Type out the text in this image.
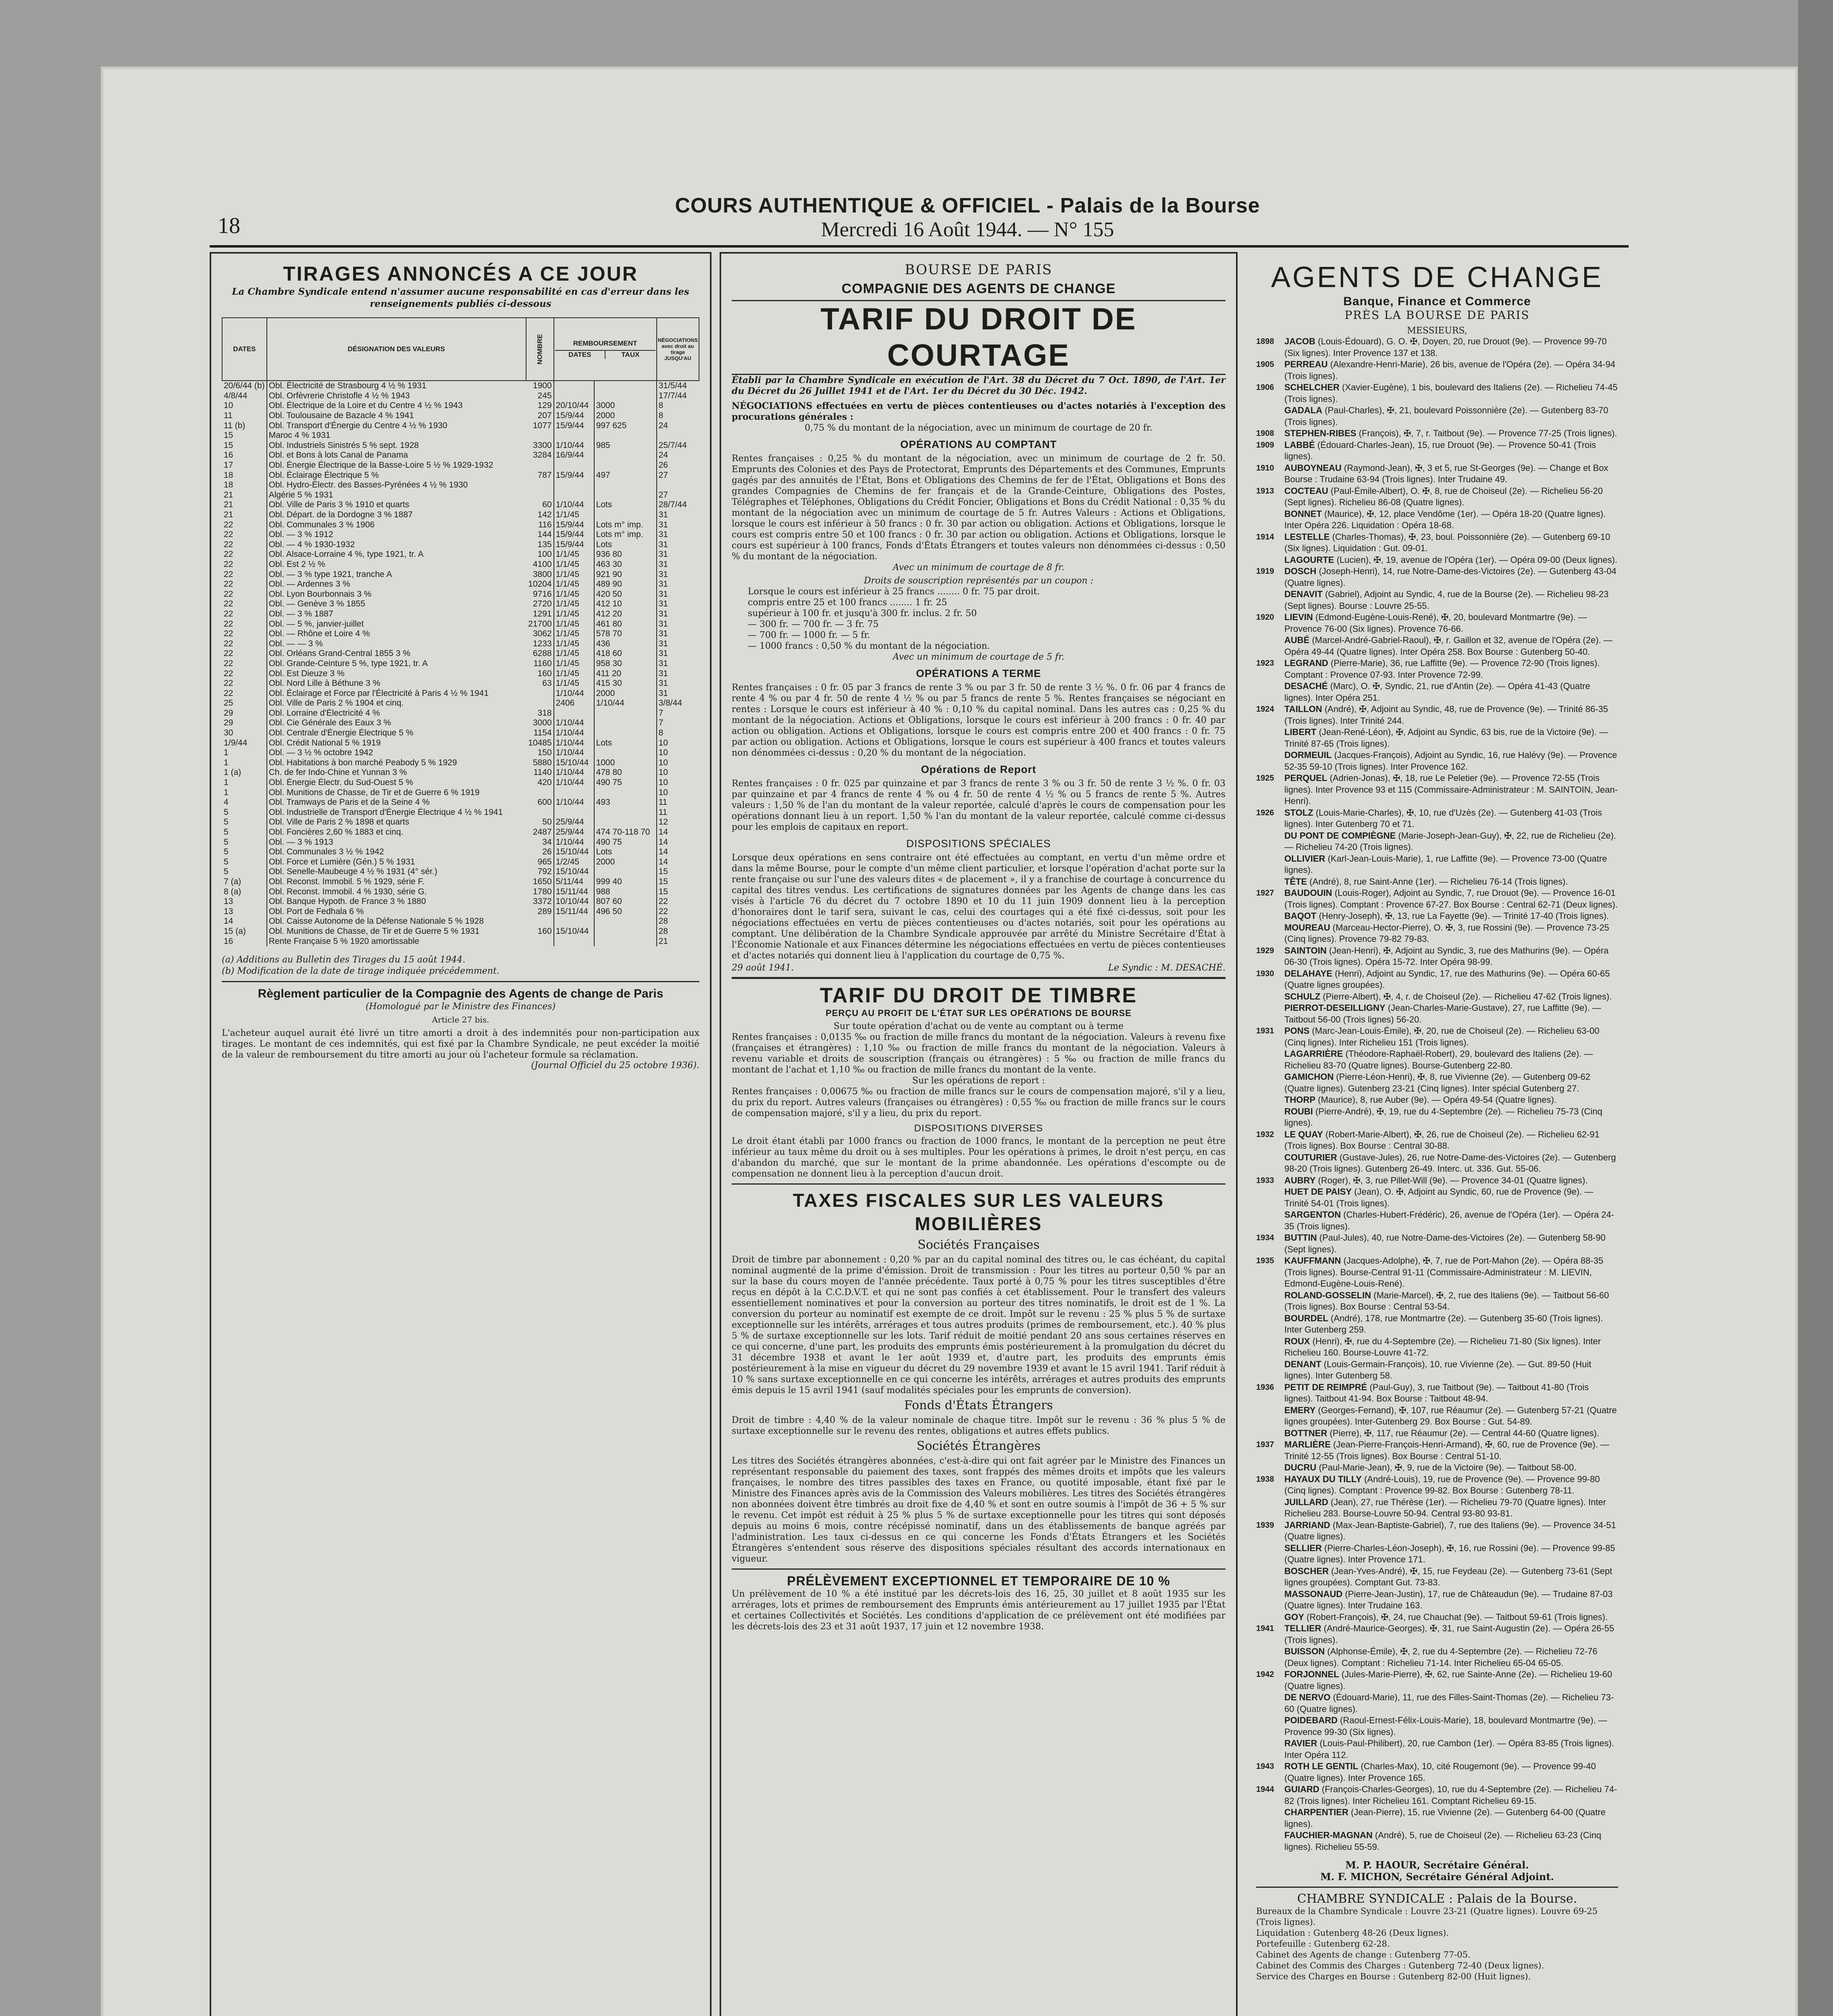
COURS AUTHENTIQUE & OFFICIEL - Palais de la Bourse
Mercredi 16 Août 1944. — N° 155
18
TIRAGES ANNONCÉS A CE JOUR
La Chambre Syndicale entend n'assumer aucune responsabilité en cas d'erreur dans les renseignements publiés ci-dessous
DATES	DÉSIGNATION DES VALEURS	NOMBRE	REMBOURSEMENT
DATES TAUX		NÉGOCIATIONS avec droit au tirage JUSQU'AU
20/6/44 (b)	Obl. Électricité de Strasbourg 4 ½ % 1931	1900			31/5/44
4/8/44	Obl. Orfèvrerie Christofle 4 ½ % 1943	245			17/7/44
10	Obl. Électrique de la Loire et du Centre 4 ½ % 1943	129	20/10/44	3000	8
11	Obl. Toulousaine de Bazacle 4 % 1941	207	15/9/44	2000	8
11 (b)	Obl. Transport d'Énergie du Centre 4 ½ % 1930	1077	15/9/44	997 625	24
15	Maroc 4 % 1931				
15	Obl. Industriels Sinistrés 5 % sept. 1928	3300	1/10/44	985	25/7/44
16	Obl. et Bons à lots Canal de Panama	3284	16/9/44		24
17	Obl. Énergie Électrique de la Basse-Loire 5 ½ % 1929-1932				26
18	Obl. Éclairage Électrique 5 %	787	15/9/44	497	27
18	Obl. Hydro-Électr. des Basses-Pyrénées 4 ½ % 1930				
21	Algérie 5 % 1931				27
21	Obl. Ville de Paris 3 % 1910 et quarts	60	1/10/44	Lots	28/7/44
21	Obl. Départ. de la Dordogne 3 % 1887	142	1/1/45		31
22	Obl. Communales 3 % 1906	116	15/9/44	Lots m° imp.	31
22	Obl. — 3 % 1912	144	15/9/44	Lots m° imp.	31
22	Obl. — 4 % 1930-1932	135	15/9/44	Lots	31
22	Obl. Alsace-Lorraine 4 %, type 1921, tr. A	100	1/1/45	936 80	31
22	Obl. Est 2 ½ %	4100	1/1/45	463 30	31
22	Obl. — 3 % type 1921, tranche A	3800	1/1/45	921 90	31
22	Obl. — Ardennes 3 %	10204	1/1/45	489 90	31
22	Obl. Lyon Bourbonnais 3 %	9716	1/1/45	420 50	31
22	Obl. — Genève 3 % 1855	2720	1/1/45	412 10	31
22	Obl. — 3 % 1887	1291	1/1/45	412 20	31
22	Obl. — 5 %, janvier-juillet	21700	1/1/45	461 80	31
22	Obl. — Rhône et Loire 4 %	3062	1/1/45	578 70	31
22	Obl. — — 3 %	1233	1/1/45	436	31
22	Obl. Orléans Grand-Central 1855 3 %	6288	1/1/45	418 60	31
22	Obl. Grande-Ceinture 5 %, type 1921, tr. A	1160	1/1/45	958 30	31
22	Obl. Est Dieuze 3 %	160	1/1/45	411 20	31
22	Obl. Nord Lille à Béthune 3 %	63	1/1/45	415 30	31
22	Obl. Éclairage et Force par l'Électricité à Paris 4 ½ % 1941		1/10/44	2000	31
25	Obl. Ville de Paris 2 % 1904 et cinq.		2406	1/10/44	3/8/44
29	Obl. Lorraine d'Électricité 4 %	318			7
29	Obl. Cie Générale des Eaux 3 %	3000	1/10/44		7
30	Obl. Centrale d'Énergie Électrique 5 %	1154	1/10/44		8
1/9/44	Obl. Crédit National 5 % 1919	10485	1/10/44	Lots	10
1	Obl. — 3 ½ % octobre 1942	150	1/10/44		10
1	Obl. Habitations à bon marché Peabody 5 % 1929	5880	15/10/44	1000	10
1 (a)	Ch. de fer Indo-Chine et Yunnan 3 %	1140	1/10/44	478 80	10
1	Obl. Énergie Électr. du Sud-Ouest 5 %	420	1/10/44	490 75	10
1	Obl. Munitions de Chasse, de Tir et de Guerre 6 % 1919				10
4	Obl. Tramways de Paris et de la Seine 4 %	600	1/10/44	493	11
5	Obl. Industrielle de Transport d'Énergie Électrique 4 ½ % 1941				11
5	Obl. Ville de Paris 2 % 1898 et quarts	50	25/9/44		12
5	Obl. Foncières 2,60 % 1883 et cinq.	2487	25/9/44	474 70-118 70	14
5	Obl. — 3 % 1913	34	1/10/44	490 75	14
5	Obl. Communales 3 ½ % 1942	26	15/10/44	Lots	14
5	Obl. Force et Lumière (Gén.) 5 % 1931	965	1/2/45	2000	14
5	Obl. Senelle-Maubeuge 4 ½ % 1931 (4° sér.)	792	15/10/44		15
7 (a)	Obl. Reconst. Immobil. 5 % 1929, série F.	1650	5/11/44	999 40	15
8 (a)	Obl. Reconst. Immobil. 4 % 1930, série G.	1780	15/11/44	988	15
13	Obl. Banque Hypoth. de France 3 % 1880	3372	10/10/44	807 60	22
13	Obl. Port de Fedhala 6 %	289	15/11/44	496 50	22
14	Obl. Caisse Autonome de la Défense Nationale 5 % 1928				28
15 (a)	Obl. Munitions de Chasse, de Tir et de Guerre 5 % 1931	160	15/10/44		28
16	Rente Française 5 % 1920 amortissable				21
(a) Additions au Bulletin des Tirages du 15 août 1944.
(b) Modification de la date de tirage indiquée précédemment.
Règlement particulier de la Compagnie des Agents de change de Paris
(Homologué par le Ministre des Finances)
Article 27 bis.
L'acheteur auquel aurait été livré un titre amorti a droit à des indemnités pour non-participation aux tirages. Le montant de ces indemnités, qui est fixé par la Chambre Syndicale, ne peut excéder la moitié de la valeur de remboursement du titre amorti au jour où l'acheteur formule sa réclamation.
(Journal Officiel du 25 octobre 1936).
BOURSE DE PARIS
COMPAGNIE DES AGENTS DE CHANGE
TARIF DU DROIT DE COURTAGE
Établi par la Chambre Syndicale en exécution de l'Art. 38 du Décret du 7 Oct. 1890, de l'Art. 1er du Décret du 26 Juillet 1941 et de l'Art. 1er du Décret du 30 Déc. 1942.
NÉGOCIATIONS effectuées en vertu de pièces contentieuses ou d'actes notariés à l'exception des procurations générales :
0,75 % du montant de la négociation, avec un minimum de courtage de 20 fr.
OPÉRATIONS AU COMPTANT
Rentes françaises : 0,25 % du montant de la négociation, avec un minimum de courtage de 2 fr. 50. Emprunts des Colonies et des Pays de Protectorat, Emprunts des Départements et des Communes, Emprunts gagés par des annuités de l'État, Bons et Obligations des Chemins de fer de l'État, Obligations et Bons des grandes Compagnies de Chemins de fer français et de la Grande-Ceinture, Obligations des Postes, Télégraphes et Téléphones, Obligations du Crédit Foncier, Obligations et Bons du Crédit National : 0,35 % du montant de la négociation avec un minimum de courtage de 5 fr. Autres Valeurs : Actions et Obligations, lorsque le cours est inférieur à 50 francs : 0 fr. 30 par action ou obligation. Actions et Obligations, lorsque le cours est compris entre 50 et 100 francs : 0 fr. 30 par action ou obligation. Actions et Obligations, lorsque le cours est supérieur à 100 francs, Fonds d'États Étrangers et toutes valeurs non dénommées ci-dessus : 0,50 % du montant de la négociation.
Avec un minimum de courtage de 8 fr.
Droits de souscription représentés par un coupon :
Lorsque le cours est inférieur à 25 francs ........ 0 fr. 75 par droit.
compris entre 25 et 100 francs ........ 1 fr. 25
supérieur à 100 fr. et jusqu'à 300 fr. inclus. 2 fr. 50
— 300 fr. — 700 fr. — 3 fr. 75
— 700 fr. — 1000 fr. — 5 fr.
— 1000 francs : 0,50 % du montant de la négociation.
Avec un minimum de courtage de 5 fr.
OPÉRATIONS A TERME
Rentes françaises : 0 fr. 05 par 3 francs de rente 3 % ou par 3 fr. 50 de rente 3 ½ %. 0 fr. 06 par 4 francs de rente 4 % ou par 4 fr. 50 de rente 4 ½ % ou par 5 francs de rente 5 %. Rentes françaises se négociant en rentes : Lorsque le cours est inférieur à 40 % : 0,10 % du capital nominal. Dans les autres cas : 0,25 % du montant de la négociation. Actions et Obligations, lorsque le cours est inférieur à 200 francs : 0 fr. 40 par action ou obligation. Actions et Obligations, lorsque le cours est compris entre 200 et 400 francs : 0 fr. 75 par action ou obligation. Actions et Obligations, lorsque le cours est supérieur à 400 francs et toutes valeurs non dénommées ci-dessus : 0,20 % du montant de la négociation.
Opérations de Report
Rentes françaises : 0 fr. 025 par quinzaine et par 3 francs de rente 3 % ou 3 fr. 50 de rente 3 ½ %. 0 fr. 03 par quinzaine et par 4 francs de rente 4 % ou 4 fr. 50 de rente 4 ½ % ou 5 francs de rente 5 %. Autres valeurs : 1,50 % de l'an du montant de la valeur reportée, calculé d'après le cours de compensation pour les opérations donnant lieu à un report. 1,50 % l'an du montant de la valeur reportée, calculé comme ci-dessus pour les emplois de capitaux en report.
DISPOSITIONS SPÉCIALES
Lorsque deux opérations en sens contraire ont été effectuées au comptant, en vertu d'un même ordre et dans la même Bourse, pour le compte d'un même client particulier, et lorsque l'opération d'achat porte sur la rente française ou sur l'une des valeurs dites « de placement », il y a franchise de courtage à concurrence du capital des titres vendus. Les certifications de signatures données par les Agents de change dans les cas visés à l'article 76 du décret du 7 octobre 1890 et 10 du 11 juin 1909 donnent lieu à la perception d'honoraires dont le tarif sera, suivant le cas, celui des courtages qui a été fixé ci-dessus, soit pour les négociations effectuées en vertu de pièces contentieuses ou d'actes notariés, soit pour les opérations au comptant. Une délibération de la Chambre Syndicale approuvée par arrêté du Ministre Secrétaire d'État à l'Économie Nationale et aux Finances détermine les négociations effectuées en vertu de pièces contentieuses et d'actes notariés qui donnent lieu à l'application du courtage de 0,75 %.
29 août 1941.	Le Syndic : M. DESACHÉ.
TARIF DU DROIT DE TIMBRE
PERÇU AU PROFIT DE L'ÉTAT SUR LES OPÉRATIONS DE BOURSE
Sur toute opération d'achat ou de vente au comptant ou à terme
Rentes françaises : 0,0135 ‰ ou fraction de mille francs du montant de la négociation. Valeurs à revenu fixe (françaises et étrangères) : 1,10 ‰ ou fraction de mille francs du montant de la négociation. Valeurs à revenu variable et droits de souscription (français ou étrangères) : 5 ‰ ou fraction de mille francs du montant de l'achat et 1,10 ‰ ou fraction de mille francs du montant de la vente.
Sur les opérations de report :
Rentes françaises : 0,00675 ‰ ou fraction de mille francs sur le cours de compensation majoré, s'il y a lieu, du prix du report. Autres valeurs (françaises ou étrangères) : 0,55 ‰ ou fraction de mille francs sur le cours de compensation majoré, s'il y a lieu, du prix du report.
DISPOSITIONS DIVERSES
Le droit étant établi par 1000 francs ou fraction de 1000 francs, le montant de la perception ne peut être inférieur au taux même du droit ou à ses multiples. Pour les opérations à primes, le droit n'est perçu, en cas d'abandon du marché, que sur le montant de la prime abandonnée. Les opérations d'escompte ou de compensation ne donnent lieu à la perception d'aucun droit.
TAXES FISCALES SUR LES VALEURS MOBILIÈRES
Sociétés Françaises
Droit de timbre par abonnement : 0,20 % par an du capital nominal des titres ou, le cas échéant, du capital nominal augmenté de la prime d'émission. Droit de transmission : Pour les titres au porteur 0,50 % par an sur la base du cours moyen de l'année précédente. Taux porté à 0,75 % pour les titres susceptibles d'être reçus en dépôt à la C.C.D.V.T. et qui ne sont pas confiés à cet établissement. Pour le transfert des valeurs essentiellement nominatives et pour la conversion au porteur des titres nominatifs, le droit est de 1 %. La conversion du porteur au nominatif est exempte de ce droit. Impôt sur le revenu : 25 % plus 5 % de surtaxe exceptionnelle sur les intérêts, arrérages et tous autres produits (primes de remboursement, etc.). 40 % plus 5 % de surtaxe exceptionnelle sur les lots. Tarif réduit de moitié pendant 20 ans sous certaines réserves en ce qui concerne, d'une part, les produits des emprunts émis postérieurement à la promulgation du décret du 31 décembre 1938 et avant le 1er août 1939 et, d'autre part, les produits des emprunts émis postérieurement à la mise en vigueur du décret du 29 novembre 1939 et avant le 15 avril 1941. Tarif réduit à 10 % sans surtaxe exceptionnelle en ce qui concerne les intérêts, arrérages et autres produits des emprunts émis depuis le 15 avril 1941 (sauf modalités spéciales pour les emprunts de conversion).
Fonds d'États Étrangers
Droit de timbre : 4,40 % de la valeur nominale de chaque titre. Impôt sur le revenu : 36 % plus 5 % de surtaxe exceptionnelle sur le revenu des rentes, obligations et autres effets publics.
Sociétés Étrangères
Les titres des Sociétés étrangères abonnées, c'est-à-dire qui ont fait agréer par le Ministre des Finances un représentant responsable du paiement des taxes, sont frappés des mêmes droits et impôts que les valeurs françaises, le nombre des titres passibles des taxes en France, ou quotité imposable, étant fixé par le Ministre des Finances après avis de la Commission des Valeurs mobilières. Les titres des Sociétés étrangères non abonnées doivent être timbrés au droit fixe de 4,40 % et sont en outre soumis à l'impôt de 36 + 5 % sur le revenu. Cet impôt est réduit à 25 % plus 5 % de surtaxe exceptionnelle pour les titres qui sont déposés depuis au moins 6 mois, contre récépissé nominatif, dans un des établissements de banque agréés par l'administration. Les taux ci-dessus en ce qui concerne les Fonds d'États Étrangers et les Sociétés Étrangères s'entendent sous réserve des dispositions spéciales résultant des accords internationaux en vigueur.
PRÉLÈVEMENT EXCEPTIONNEL ET TEMPORAIRE DE 10 %
Un prélèvement de 10 % a été institué par les décrets-lois des 16, 25, 30 juillet et 8 août 1935 sur les arrérages, lots et primes de remboursement des Emprunts émis antérieurement au 17 juillet 1935 par l'État et certaines Collectivités et Sociétés. Les conditions d'application de ce prélèvement ont été modifiées par les décrets-lois des 23 et 31 août 1937, 17 juin et 12 novembre 1938.
AGENTS DE CHANGE
Banque, Finance et Commerce
PRÈS LA BOURSE DE PARIS
MESSIEURS,
1898	JACOB (Louis-Édouard), G. O. ✠, Doyen, 20, rue Drouot (9e). — Provence 99-70 (Six lignes). Inter Provence 137 et 138.
1905	PERREAU (Alexandre-Henri-Marie), 26 bis, avenue de l'Opéra (2e). — Opéra 34-94 (Trois lignes).
1906	SCHELCHER (Xavier-Eugène), 1 bis, boulevard des Italiens (2e). — Richelieu 74-45 (Trois lignes).
GADALA (Paul-Charles), ✠, 21, boulevard Poissonnière (2e). — Gutenberg 83-70 (Trois lignes).
1908	STEPHEN-RIBES (François), ✠, 7, r. Taitbout (9e). — Provence 77-25 (Trois lignes).
1909	LABBÉ (Édouard-Charles-Jean), 15, rue Drouot (9e). — Provence 50-41 (Trois lignes).
1910	AUBOYNEAU (Raymond-Jean), ✠, 3 et 5, rue St-Georges (9e). — Change et Box Bourse : Trudaine 63-94 (Trois lignes). Inter Trudaine 49.
1913	COCTEAU (Paul-Émile-Albert), O. ✠, 8, rue de Choiseul (2e). — Richelieu 56-20 (Sept lignes). Richelieu 86-08 (Quatre lignes).
BONNET (Maurice), ✠, 12, place Vendôme (1er). — Opéra 18-20 (Quatre lignes). Inter Opéra 226. Liquidation : Opéra 18-68.
1914	LESTELLE (Charles-Thomas), ✠, 23, boul. Poissonnière (2e). — Gutenberg 69-10 (Six lignes). Liquidation : Gut. 09-01.
LAGOURTE (Lucien), ✠, 19, avenue de l'Opéra (1er). — Opéra 09-00 (Deux lignes).
1919	DOSCH (Joseph-Henri), 14, rue Notre-Dame-des-Victoires (2e). — Gutenberg 43-04 (Quatre lignes).
DENAVIT (Gabriel), Adjoint au Syndic, 4, rue de la Bourse (2e). — Richelieu 98-23 (Sept lignes). Bourse : Louvre 25-55.
1920	LIEVIN (Edmond-Eugène-Louis-René), ✠, 20, boulevard Montmartre (9e). — Provence 76-00 (Six lignes). Provence 76-66.
AUBÉ (Marcel-André-Gabriel-Raoul), ✠, r. Gaillon et 32, avenue de l'Opéra (2e). — Opéra 49-44 (Quatre lignes). Inter Opéra 258. Box Bourse : Gutenberg 50-40.
1923	LEGRAND (Pierre-Marie), 36, rue Laffitte (9e). — Provence 72-90 (Trois lignes). Comptant : Provence 07-93. Inter Provence 72-99.
DESACHÉ (Marc), O. ✠, Syndic, 21, rue d'Antin (2e). — Opéra 41-43 (Quatre lignes). Inter Opéra 251.
1924	TAILLON (André), ✠, Adjoint au Syndic, 48, rue de Provence (9e). — Trinité 86-35 (Trois lignes). Inter Trinité 244.
LIBERT (Jean-René-Léon), ✠, Adjoint au Syndic, 63 bis, rue de la Victoire (9e). — Trinité 87-65 (Trois lignes).
DORMEUIL (Jacques-François), Adjoint au Syndic, 16, rue Halévy (9e). — Provence 52-35 59-10 (Trois lignes). Inter Provence 162.
1925	PERQUEL (Adrien-Jonas), ✠, 18, rue Le Peletier (9e). — Provence 72-55 (Trois lignes). Inter Provence 93 et 115 (Commissaire-Administrateur : M. SAINTOIN, Jean-Henri).
1926	STOLZ (Louis-Marie-Charles), ✠, 10, rue d'Uzès (2e). — Gutenberg 41-03 (Trois lignes). Inter Gutenberg 70 et 71.
DU PONT DE COMPIÈGNE (Marie-Joseph-Jean-Guy), ✠, 22, rue de Richelieu (2e). — Richelieu 74-20 (Trois lignes).
OLLIVIER (Karl-Jean-Louis-Marie), 1, rue Laffitte (9e). — Provence 73-00 (Quatre lignes).
TÊTE (André), 8, rue Saint-Anne (1er). — Richelieu 76-14 (Trois lignes).
1927	BAUDOUIN (Louis-Roger), Adjoint au Syndic, 7, rue Drouot (9e). — Provence 16-01 (Trois lignes). Comptant : Provence 67-27. Box Bourse : Central 62-71 (Deux lignes).
BAQOT (Henry-Joseph), ✠, 13, rue La Fayette (9e). — Trinité 17-40 (Trois lignes).
MOUREAU (Marceau-Hector-Pierre), O. ✠, 3, rue Rossini (9e). — Provence 73-25 (Cinq lignes). Provence 79-82 79-83.
1929	SAINTOIN (Jean-Henri), ✠, Adjoint au Syndic, 3, rue des Mathurins (9e). — Opéra 06-30 (Trois lignes). Opéra 15-72. Inter Opéra 98-99.
1930	DELAHAYE (Henri), Adjoint au Syndic, 17, rue des Mathurins (9e). — Opéra 60-65 (Quatre lignes groupées).
SCHULZ (Pierre-Albert), ✠, 4, r. de Choiseul (2e). — Richelieu 47-62 (Trois lignes).
PIERROT-DESEILLIGNY (Jean-Charles-Marie-Gustave), 27, rue Laffitte (9e). — Taitbout 56-00 (Trois lignes) 56-20.
1931	PONS (Marc-Jean-Louis-Émile), ✠, 20, rue de Choiseul (2e). — Richelieu 63-00 (Cinq lignes). Inter Richelieu 151 (Trois lignes).
LAGARRIÈRE (Théodore-Raphaël-Robert), 29, boulevard des Italiens (2e). — Richelieu 83-70 (Quatre lignes). Bourse-Gutenberg 22-80.
GAMICHON (Pierre-Léon-Henri), ✠, 8, rue Vivienne (2e). — Gutenberg 09-62 (Quatre lignes). Gutenberg 23-21 (Cinq lignes). Inter spécial Gutenberg 27.
THORP (Maurice), 8, rue Auber (9e). — Opéra 49-54 (Quatre lignes).
ROUBI (Pierre-André), ✠, 19, rue du 4-Septembre (2e). — Richelieu 75-73 (Cinq lignes).
1932	LE QUAY (Robert-Marie-Albert), ✠, 26, rue de Choiseul (2e). — Richelieu 62-91 (Trois lignes). Box Bourse : Central 30-88.
COUTURIER (Gustave-Jules), 26, rue Notre-Dame-des-Victoires (2e). — Gutenberg 98-20 (Trois lignes). Gutenberg 26-49. Interc. ut. 336. Gut. 55-06.
1933	AUBRY (Roger), ✠, 3, rue Pillet-Will (9e). — Provence 34-01 (Quatre lignes).
HUET DE PAISY (Jean), O. ✠, Adjoint au Syndic, 60, rue de Provence (9e). — Trinité 54-01 (Trois lignes).
SARGENTON (Charles-Hubert-Frédéric), 26, avenue de l'Opéra (1er). — Opéra 24-35 (Trois lignes).
1934	BUTTIN (Paul-Jules), 40, rue Notre-Dame-des-Victoires (2e). — Gutenberg 58-90 (Sept lignes).
1935	KAUFFMANN (Jacques-Adolphe), ✠, 7, rue de Port-Mahon (2e). — Opéra 88-35 (Trois lignes). Bourse-Central 91-11 (Commissaire-Administrateur : M. LIEVIN, Edmond-Eugène-Louis-René).
ROLAND-GOSSELIN (Marie-Marcel), ✠, 2, rue des Italiens (9e). — Taitbout 56-60 (Trois lignes). Box Bourse : Central 53-54.
BOURDEL (André), 178, rue Montmartre (2e). — Gutenberg 35-60 (Trois lignes). Inter Gutenberg 259.
ROUX (Henri), ✠, rue du 4-Septembre (2e). — Richelieu 71-80 (Six lignes). Inter Richelieu 160. Bourse-Louvre 41-72.
DENANT (Louis-Germain-François), 10, rue Vivienne (2e). — Gut. 89-50 (Huit lignes). Inter Gutenberg 58.
1936	PETIT DE REIMPRÉ (Paul-Guy), 3, rue Taitbout (9e). — Taitbout 41-80 (Trois lignes). Taitbout 41-94. Box Bourse : Taitbout 48-94.
EMERY (Georges-Fernand), ✠, 107, rue Réaumur (2e). — Gutenberg 57-21 (Quatre lignes groupées). Inter-Gutenberg 29. Box Bourse : Gut. 54-89.
BOTTNER (Pierre), ✠, 117, rue Réaumur (2e). — Central 44-60 (Quatre lignes).
1937	MARLIÈRE (Jean-Pierre-François-Henri-Armand), ✠, 60, rue de Provence (9e). — Trinité 12-55 (Trois lignes). Box Bourse : Central 51-10.
DUCRU (Paul-Marie-Jean), ✠, 9, rue de la Victoire (9e). — Taitbout 58-00.
1938	HAYAUX DU TILLY (André-Louis), 19, rue de Provence (9e). — Provence 99-80 (Cinq lignes). Comptant : Provence 99-82. Box Bourse : Gutenberg 78-11.
JUILLARD (Jean), 27, rue Thérèse (1er). — Richelieu 79-70 (Quatre lignes). Inter Richelieu 283. Bourse-Louvre 50-94. Central 93-80 93-81.
1939	JARRIAND (Max-Jean-Baptiste-Gabriel), 7, rue des Italiens (9e). — Provence 34-51 (Quatre lignes).
SELLIER (Pierre-Charles-Léon-Joseph), ✠, 16, rue Rossini (9e). — Provence 99-85 (Quatre lignes). Inter Provence 171.
BOSCHER (Jean-Yves-André), ✠, 15, rue Feydeau (2e). — Gutenberg 73-61 (Sept lignes groupées). Comptant Gut. 73-83.
MASSONAUD (Pierre-Jean-Justin), 17, rue de Châteaudun (9e). — Trudaine 87-03 (Quatre lignes). Inter Trudaine 163.
GOY (Robert-François), ✠, 24, rue Chauchat (9e). — Taitbout 59-61 (Trois lignes).
1941	TELLIER (André-Maurice-Georges), ✠, 31, rue Saint-Augustin (2e). — Opéra 26-55 (Trois lignes).
BUISSON (Alphonse-Émile), ✠, 2, rue du 4-Septembre (2e). — Richelieu 72-76 (Deux lignes). Comptant : Richelieu 71-14. Inter Richelieu 65-04 65-05.
1942	FORJONNEL (Jules-Marie-Pierre), ✠, 62, rue Sainte-Anne (2e). — Richelieu 19-60 (Quatre lignes).
DE NERVO (Édouard-Marie), 11, rue des Filles-Saint-Thomas (2e). — Richelieu 73-60 (Quatre lignes).
POIDEBARD (Raoul-Ernest-Félix-Louis-Marie), 18, boulevard Montmartre (9e). — Provence 99-30 (Six lignes).
RAVIER (Louis-Paul-Philibert), 20, rue Cambon (1er). — Opéra 83-85 (Trois lignes). Inter Opéra 112.
1943	ROTH LE GENTIL (Charles-Max), 10, cité Rougemont (9e). — Provence 99-40 (Quatre lignes). Inter Provence 165.
1944	GUIARD (François-Charles-Georges), 10, rue du 4-Septembre (2e). — Richelieu 74-82 (Trois lignes). Inter Richelieu 161. Comptant Richelieu 69-15.
CHARPENTIER (Jean-Pierre), 15, rue Vivienne (2e). — Gutenberg 64-00 (Quatre lignes).
FAUCHIER-MAGNAN (André), 5, rue de Choiseul (2e). — Richelieu 63-23 (Cinq lignes). Richelieu 55-59.
M. P. HAOUR, Secrétaire Général.
M. F. MICHON, Secrétaire Général Adjoint.
CHAMBRE SYNDICALE : Palais de la Bourse.
Bureaux de la Chambre Syndicale : Louvre 23-21 (Quatre lignes). Louvre 69-25 (Trois lignes).
Liquidation : Gutenberg 48-26 (Deux lignes).
Portefeuille : Gutenberg 62-28.
Cabinet des Agents de change : Gutenberg 77-05.
Cabinet des Commis des Charges : Gutenberg 72-40 (Deux lignes).
Service des Charges en Bourse : Gutenberg 82-00 (Huit lignes).
